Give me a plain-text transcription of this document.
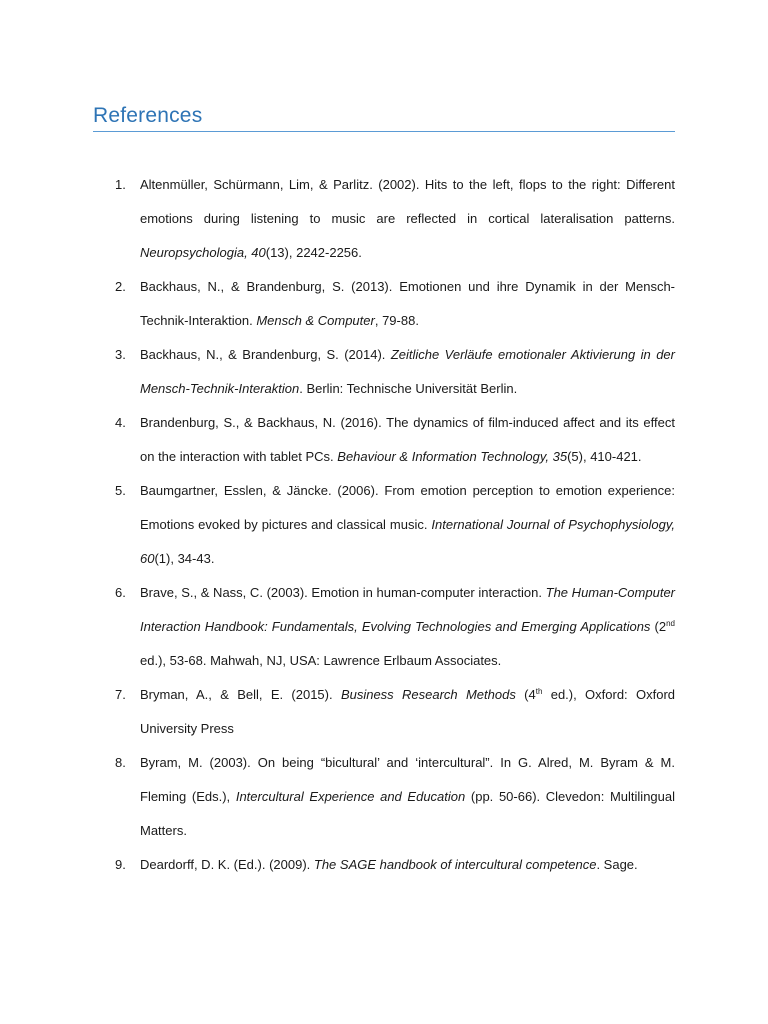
References
1.	Altenmüller, Schürmann, Lim, & Parlitz. (2002). Hits to the left, flops to the right: Different emotions during listening to music are reflected in cortical lateralisation patterns. Neuropsychologia, 40(13), 2242-2256.
2.	Backhaus, N., & Brandenburg, S. (2013). Emotionen und ihre Dynamik in der Mensch-Technik-Interaktion. Mensch & Computer, 79-88.
3.	Backhaus, N., & Brandenburg, S. (2014). Zeitliche Verläufe emotionaler Aktivierung in der Mensch-Technik-Interaktion. Berlin: Technische Universität Berlin.
4.	Brandenburg, S., & Backhaus, N. (2016). The dynamics of film-induced affect and its effect on the interaction with tablet PCs. Behaviour & Information Technology, 35(5), 410-421.
5.	Baumgartner, Esslen, & Jäncke. (2006). From emotion perception to emotion experience: Emotions evoked by pictures and classical music. International Journal of Psychophysiology, 60(1), 34-43.
6.	Brave, S., & Nass, C. (2003). Emotion in human-computer interaction. The Human-Computer Interaction Handbook: Fundamentals, Evolving Technologies and Emerging Applications (2nd ed.), 53-68. Mahwah, NJ, USA: Lawrence Erlbaum Associates.
7.	Bryman, A., & Bell, E. (2015). Business Research Methods (4th ed.), Oxford: Oxford University Press
8.	Byram, M. (2003). On being “bicultural’ and ‘intercultural”. In G. Alred, M. Byram & M. Fleming (Eds.), Intercultural Experience and Education (pp. 50-66). Clevedon: Multilingual Matters.
9.	Deardorff, D. K. (Ed.). (2009). The SAGE handbook of intercultural competence. Sage.
